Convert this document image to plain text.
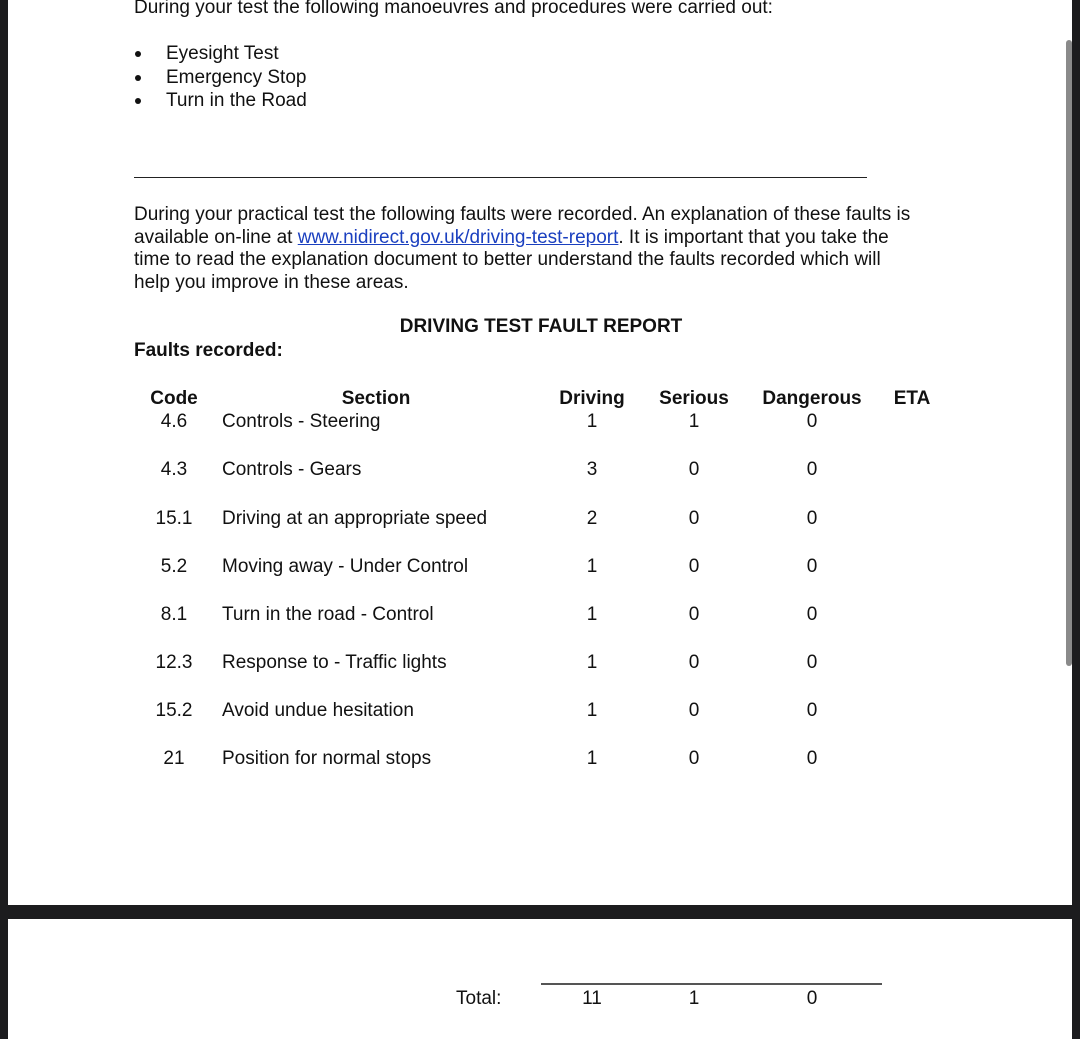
During your test the following manoeuvres and procedures were carried out:
Eyesight Test
Emergency Stop
Turn in the Road
During your practical test the following faults were recorded. An explanation of these faults is
available on-line at www.nidirect.gov.uk/driving-test-report. It is important that you take the
time to read the explanation document to better understand the faults recorded which will
help you improve in these areas.
DRIVING TEST FAULT REPORT
Faults recorded:
Code	Section	Driving Serious Dangerous ETA
4.6 Controls - Steering	1	1	0
4.3 Controls - Gears	3	0	0
15.1 Driving at an appropriate speed	2	0	0
5.2 Moving away - Under Control	1	0	0
8.1 Turn in the road - Control	1	0	0
12.3 Response to - Traffic lights	1	0	0
15.2 Avoid undue hesitation	1	0	0
21 Position for normal stops	1	0	0
Total:	11	1	0
